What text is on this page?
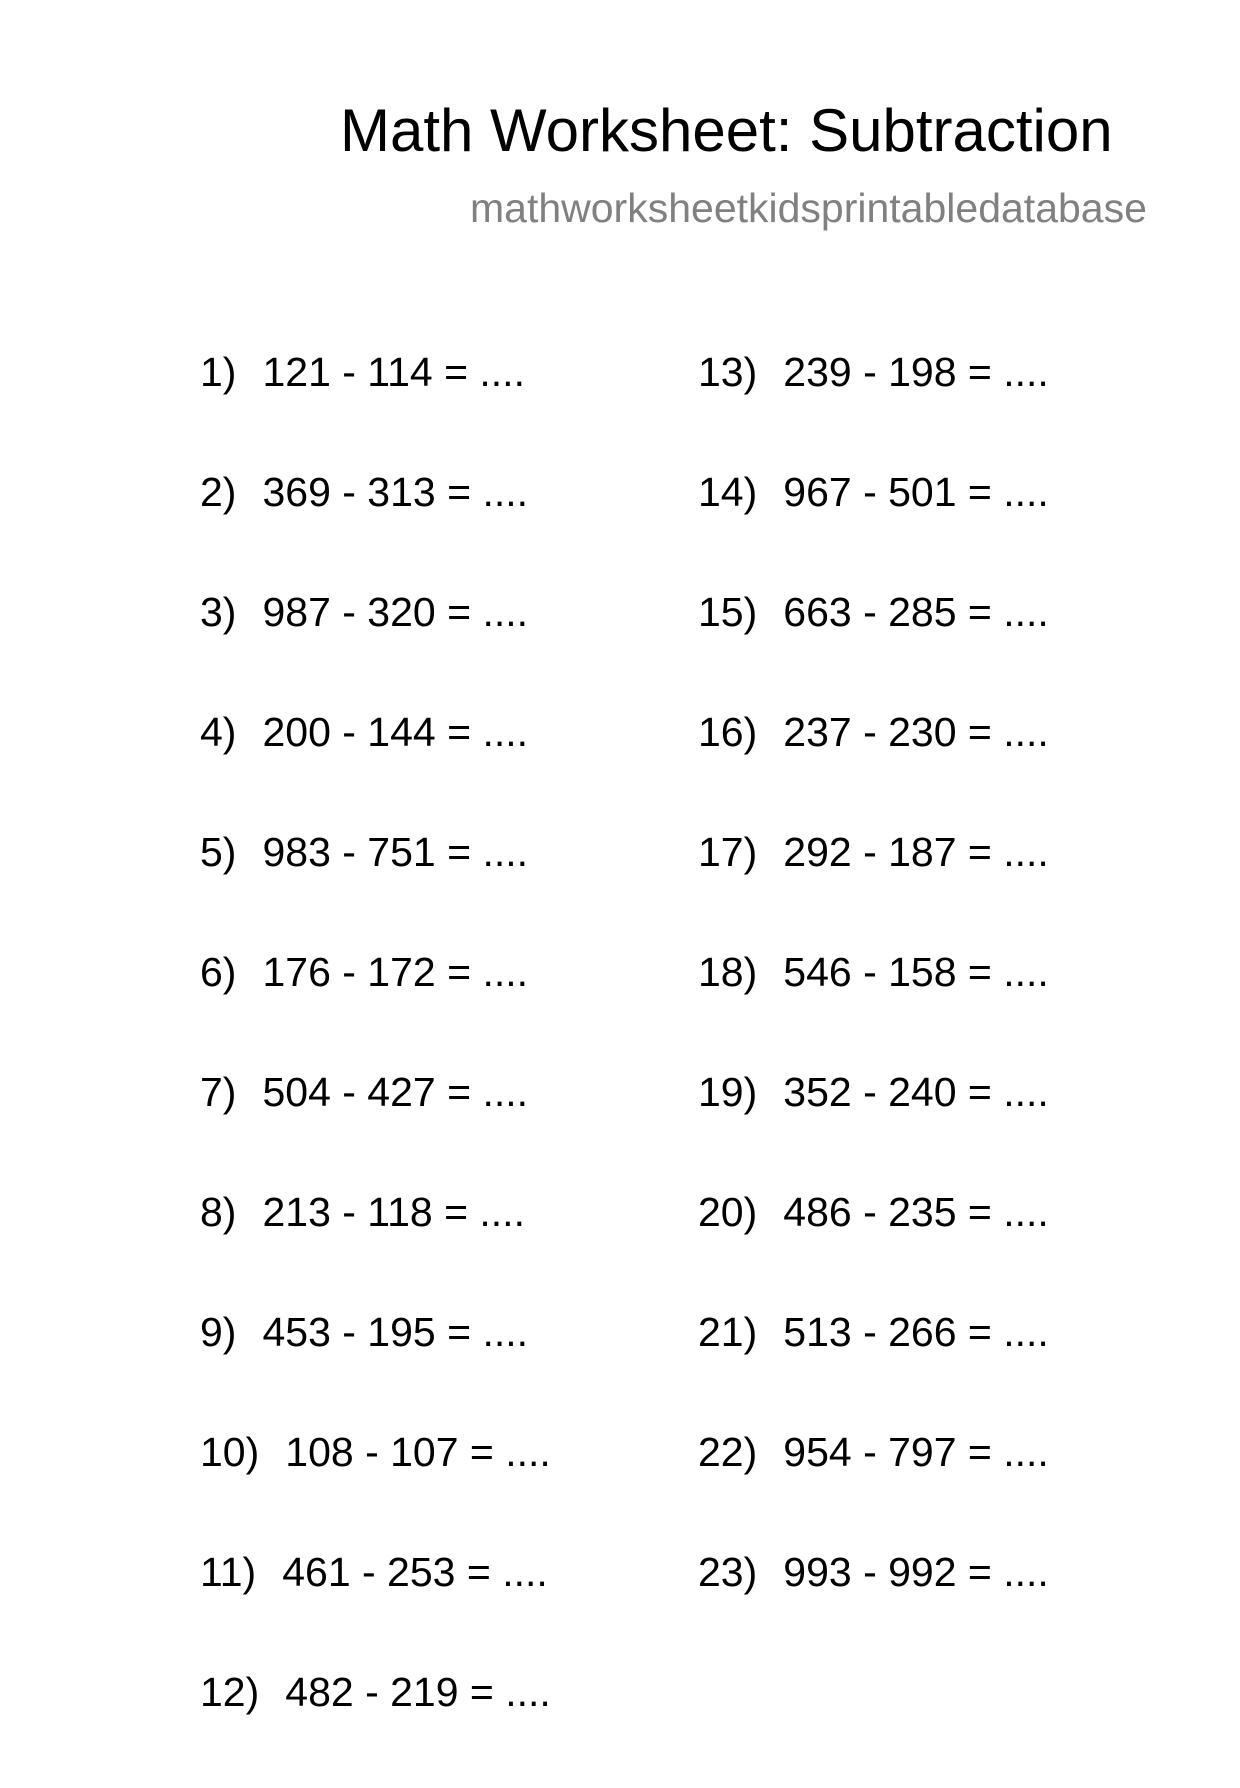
Math Worksheet: Subtraction
mathworksheetkidsprintabledatabase
1) 121 - 114 = ....
2) 369 - 313 = ....
3) 987 - 320 = ....
4) 200 - 144 = ....
5) 983 - 751 = ....
6) 176 - 172 = ....
7) 504 - 427 = ....
8) 213 - 118 = ....
9) 453 - 195 = ....
10) 108 - 107 = ....
11) 461 - 253 = ....
12) 482 - 219 = ....
13) 239 - 198 = ....
14) 967 - 501 = ....
15) 663 - 285 = ....
16) 237 - 230 = ....
17) 292 - 187 = ....
18) 546 - 158 = ....
19) 352 - 240 = ....
20) 486 - 235 = ....
21) 513 - 266 = ....
22) 954 - 797 = ....
23) 993 - 992 = ....
